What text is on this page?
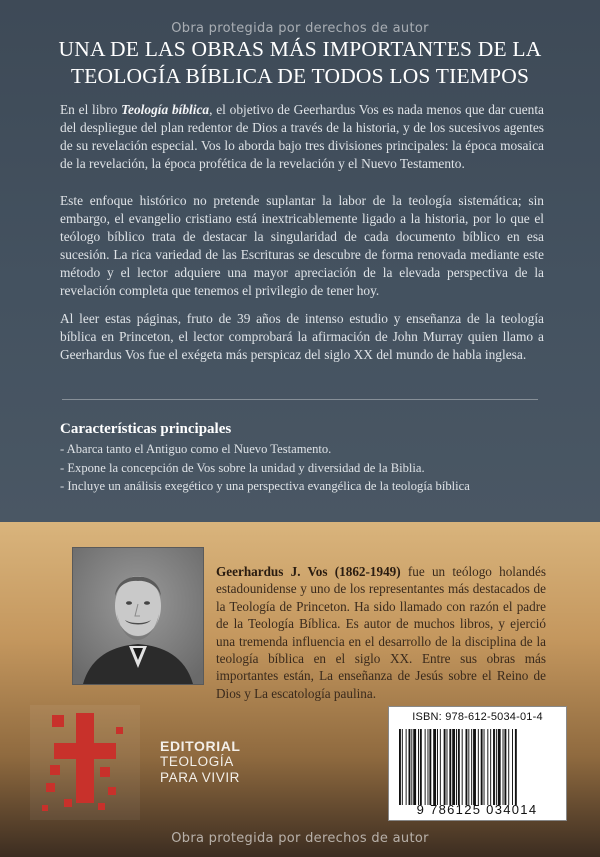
Obra protegida por derechos de autor
UNA DE LAS OBRAS MÁS IMPORTANTES DE LA
TEOLOGÍA BÍBLICA DE TODOS LOS TIEMPOS
En el libro Teología bíblica, el objetivo de Geerhardus Vos es nada menos que dar cuenta del despliegue del plan redentor de Dios a través de la historia, y de los sucesivos agentes de su revelación especial. Vos lo aborda bajo tres divisiones principales: la época mosaica de la revelación, la época profética de la revelación y el Nuevo Testamento.
Este enfoque histórico no pretende suplantar la labor de la teología sistemática; sin embargo, el evangelio cristiano está inextricablemente ligado a la historia, por lo que el teólogo bíblico trata de destacar la singularidad de cada documento bíblico en esa sucesión. La rica variedad de las Escrituras se descubre de forma renovada mediante este método y el lector adquiere una mayor apreciación de la elevada perspectiva de la revelación completa que tenemos el privilegio de tener hoy.
Al leer estas páginas, fruto de 39 años de intenso estudio y enseñanza de la teología bíblica en Princeton, el lector comprobará la afirmación de John Murray quien llamo a Geerhardus Vos fue el exégeta más perspicaz del siglo XX del mundo de habla inglesa.
Características principales
- Abarca tanto el Antiguo como el Nuevo Testamento.
- Expone la concepción de Vos sobre la unidad y diversidad de la Biblia.
- Incluye un análisis exegético y una perspectiva evangélica de la teología bíblica
Geerhardus J. Vos (1862-1949) fue un teólogo holandés estadounidense y uno de los representantes más destacados de la Teología de Princeton. Ha sido llamado con razón el padre de la Teología Bíblica. Es autor de muchos libros, y ejerció una tremenda influencia en el desarrollo de la disciplina de la teología bíblica en el siglo XX. Entre sus obras más importantes están, La enseñanza de Jesús sobre el Reino de Dios y La escatología paulina.
EDITORIAL
TEOLOGÍA
PARA VIVIR
ISBN: 978-612-5034-01-4
9 786125 034014
Obra protegida por derechos de autor
